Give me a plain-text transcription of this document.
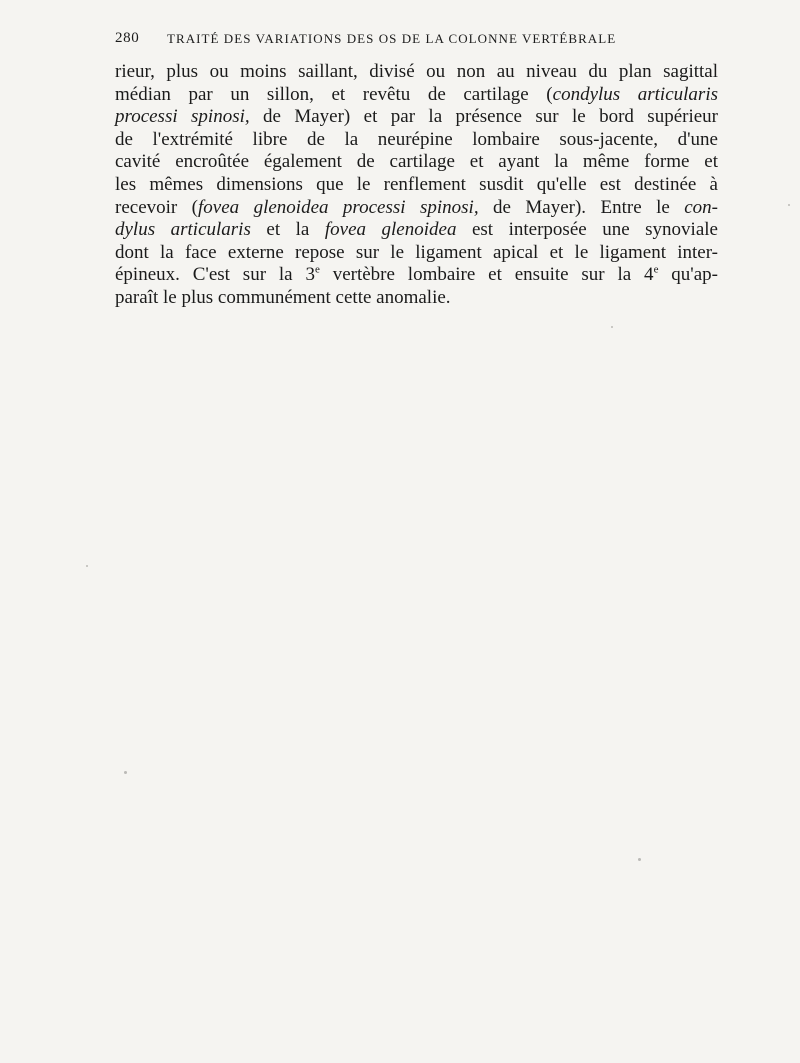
280 TRAITÉ DES VARIATIONS DES OS DE LA COLONNE VERTÉBRALE
rieur, plus ou moins saillant, divisé ou non au niveau du plan sagittal
médian par un sillon, et revêtu de cartilage (condylus articularis
processi spinosi, de Mayer) et par la présence sur le bord supérieur
de l'extrémité libre de la neurépine lombaire sous-jacente, d'une
cavité encroûtée également de cartilage et ayant la même forme et
les mêmes dimensions que le renflement susdit qu'elle est destinée à
recevoir (fovea glenoidea processi spinosi, de Mayer). Entre le con-
dylus articularis et la fovea glenoidea est interposée une synoviale
dont la face externe repose sur le ligament apical et le ligament inter-
épineux. C'est sur la 3e vertèbre lombaire et ensuite sur la 4e qu'ap-
paraît le plus communément cette anomalie.
